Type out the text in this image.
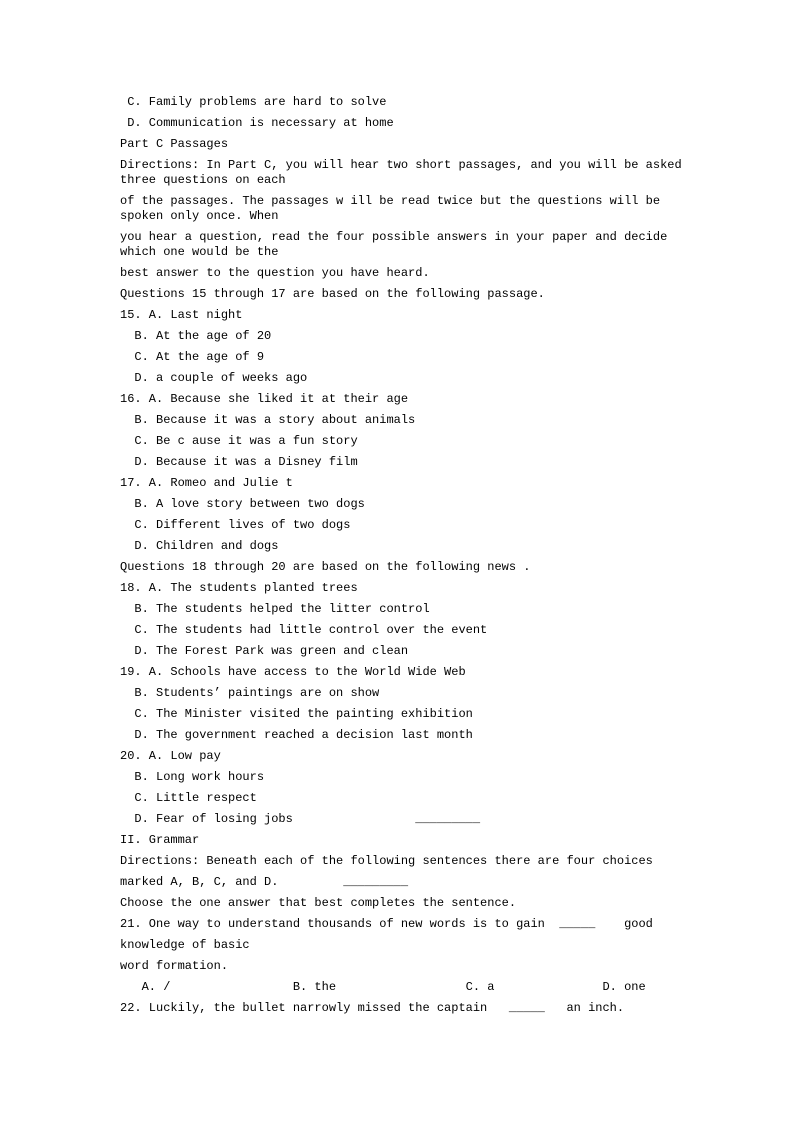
C. Family problems are hard to solve
D. Communication is necessary at home
Part C Passages
Directions: In Part C, you will hear two short passages, and you will be asked
three questions on each
of the passages. The passages w ill be read twice but the questions will be
spoken only once. When
you hear a question, read the four possible answers in your paper and decide
which one would be the
best answer to the question you have heard.
Questions 15 through 17 are based on the following passage.
15. A. Last night
B. At the age of 20
C. At the age of 9
D. a couple of weeks ago
16. A. Because she liked it at their age
B. Because it was a story about animals
C. Be c ause it was a fun story
D. Because it was a Disney film
17. A. Romeo and Julie t
B. A love story between two dogs
C. Different lives of two dogs
D. Children and dogs
Questions 18 through 20 are based on the following news .
18. A. The students planted trees
B. The students helped the litter control
C. The students had little control over the event
D. The Forest Park was green and clean
19. A. Schools have access to the World Wide Web
B. Students’ paintings are on show
C. The Minister visited the painting exhibition
D. The government reached a decision last month
20. A. Low pay
B. Long work hours
C. Little respect
D. Fear of losing jobs                 _________
II. Grammar
Directions: Beneath each of the following sentences there are four choices
marked A, B, C, and D.         _________
Choose the one answer that best completes the sentence.
21. One way to understand thousands of new words is to gain  _____    good
knowledge of basic
word formation.
A. /                 B. the                  C. a               D. one
22. Luckily, the bullet narrowly missed the captain   _____   an inch.
